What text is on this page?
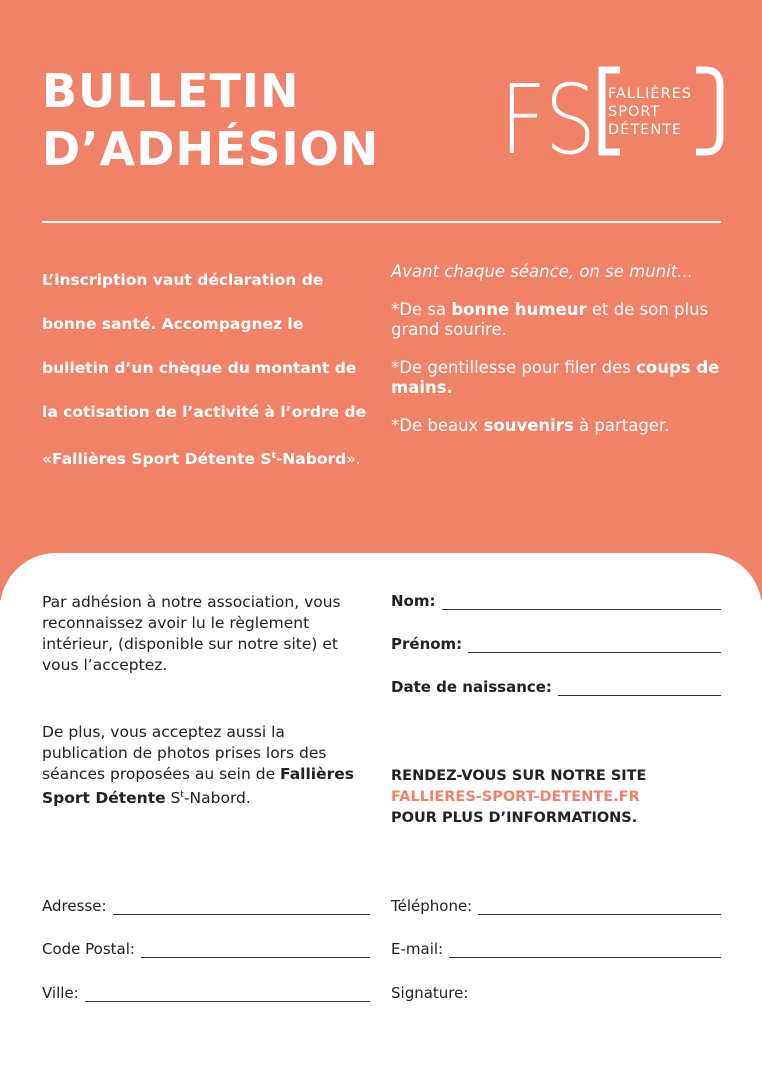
BULLETIN
D’ADHÉSION FS FALLIÈRES
SPORT
DÉTENTE

L’inscription vaut déclaration de bonne santé. Accompagnez le bulletin d’un chèque du montant de la cotisation de l’activité à l’ordre de «Fallières Sport Détente $S^t$-Nabord».

Avant chaque séance, on se munit...

*De sa bonne humeur et de son plus grand sourire.

*De gentillesse pour filer des coups de mains.

*De beaux souvenirs à partager.

Par adhésion à notre association, vous reconnaissez avoir lu le règlement intérieur, (disponible sur notre site) et vous l’acceptez.

De plus, vous acceptez aussi la publication de photos prises lors des séances proposées au sein de Fallières Sport Détente $S^t$-Nabord.

Nom:
Prénom:
Date de naissance:
RENDEZ-VOUS SUR NOTRE SITE
FALLIERES-SPORT-DETENTE.FR
POUR PLUS D’INFORMATIONS.
Adresse:
Code Postal:
Ville:
Téléphone:
E-mail:
Signature:
